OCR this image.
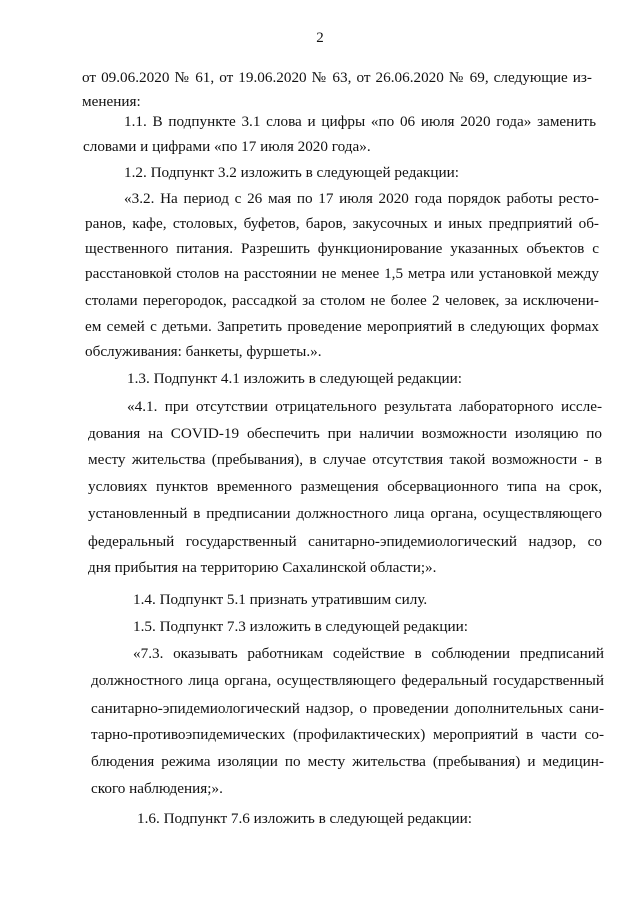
2
от 09.06.2020 № 61, от 19.06.2020 № 63, от 26.06.2020 № 69, следующие из-
менения:
1.1. В подпункте 3.1 слова и цифры «по 06 июля 2020 года» заменить
словами и цифрами «по 17 июля 2020 года».
1.2. Подпункт 3.2 изложить в следующей редакции:
«3.2. На период с 26 мая по 17 июля 2020 года порядок работы ресто-
ранов, кафе, столовых, буфетов, баров, закусочных и иных предприятий об-
щественного питания. Разрешить функционирование указанных объектов с
расстановкой столов на расстоянии не менее 1,5 метра или установкой между
столами перегородок, рассадкой за столом не более 2 человек, за исключени-
ем семей с детьми. Запретить проведение мероприятий в следующих формах
обслуживания: банкеты, фуршеты.».
1.3. Подпункт 4.1 изложить в следующей редакции:
«4.1. при отсутствии отрицательного результата лабораторного иссле-
дования на COVID-19 обеспечить при наличии возможности изоляцию по
месту жительства (пребывания), в случае отсутствия такой возможности - в
условиях пунктов временного размещения обсервационного типа на срок,
установленный в предписании должностного лица органа, осуществляющего
федеральный государственный санитарно-эпидемиологический надзор, со
дня прибытия на территорию Сахалинской области;».
1.4. Подпункт 5.1 признать утратившим силу.
1.5. Подпункт 7.3 изложить в следующей редакции:
«7.3. оказывать работникам содействие в соблюдении предписаний
должностного лица органа, осуществляющего федеральный государственный
санитарно-эпидемиологический надзор, о проведении дополнительных сани-
тарно-противоэпидемических (профилактических) мероприятий в части со-
блюдения режима изоляции по месту жительства (пребывания) и медицин-
ского наблюдения;».
1.6. Подпункт 7.6 изложить в следующей редакции:
